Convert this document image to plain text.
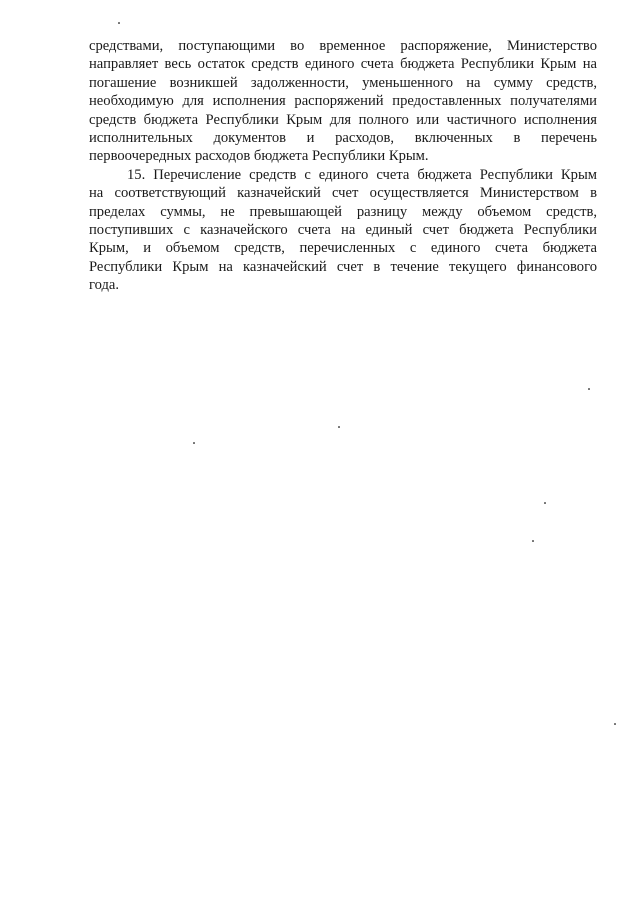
средствами, поступающими во временное распоряжение, Министерство
направляет весь остаток средств единого счета бюджета Республики Крым на
погашение возникшей задолженности, уменьшенного на сумму средств,
необходимую для исполнения распоряжений предоставленных получателями
средств бюджета Республики Крым для полного или частичного исполнения
исполнительных документов и расходов, включенных в перечень
первоочередных расходов бюджета Республики Крым.
15. Перечисление средств с единого счета бюджета Республики Крым
на соответствующий казначейский счет осуществляется Министерством в
пределах суммы, не превышающей разницу между объемом средств,
поступивших с казначейского счета на единый счет бюджета Республики
Крым, и объемом средств, перечисленных с единого счета бюджета
Республики Крым на казначейский счет в течение текущего финансового
года.
